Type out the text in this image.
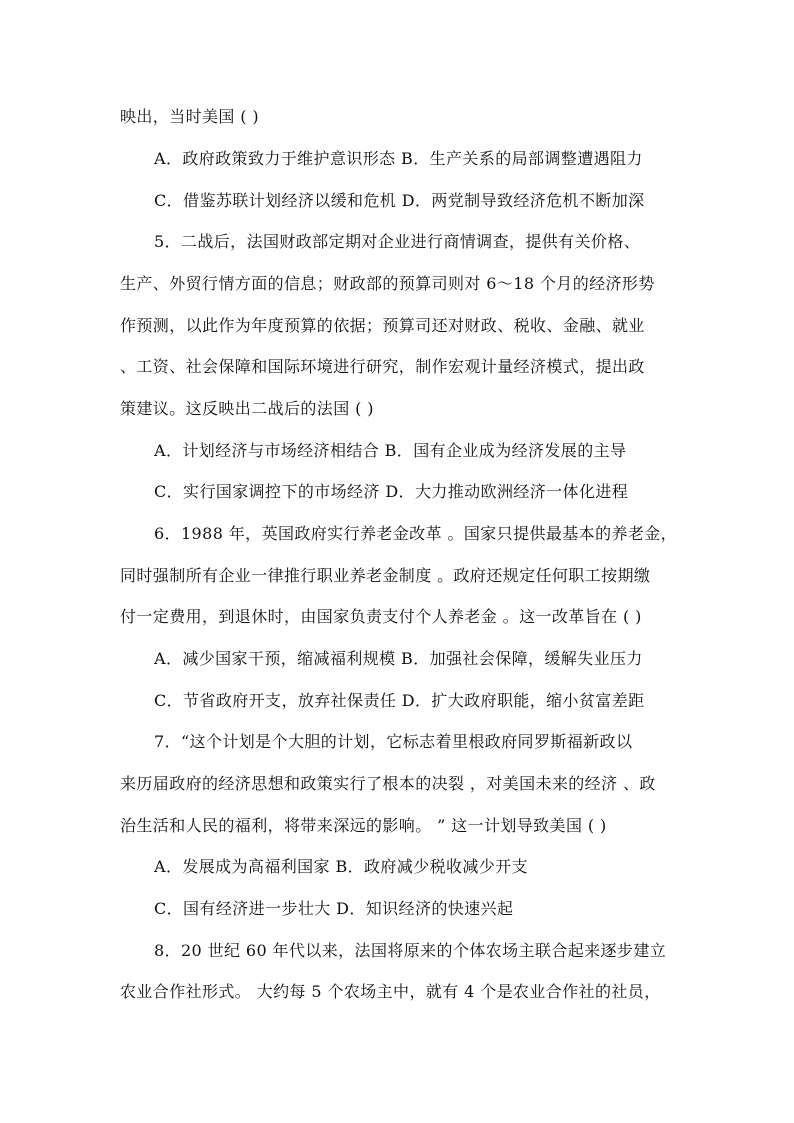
映出，当时美国 ( )
A．政府政策致力于维护意识形态 B．生产关系的局部调整遭遇阻力
C．借鉴苏联计划经济以缓和危机 D．两党制导致经济危机不断加深
5．二战后，法国财政部定期对企业进行商情调查，提供有关价格、
生产、外贸行情方面的信息；财政部的预算司则对 6～18 个月的经济形势
作预测，以此作为年度预算的依据；预算司还对财政、税收、金融、就业
、工资、社会保障和国际环境进行研究，制作宏观计量经济模式，提出政
策建议。这反映出二战后的法国 ( )
A．计划经济与市场经济相结合 B．国有企业成为经济发展的主导
C．实行国家调控下的市场经济 D．大力推动欧洲经济一体化进程
6．1988 年，英国政府实行养老金改革 。国家只提供最基本的养老金，
同时强制所有企业一律推行职业养老金制度 。政府还规定任何职工按期缴
付一定费用，到退休时，由国家负责支付个人养老金 。这一改革旨在 ( )
A．减少国家干预，缩减福利规模 B．加强社会保障，缓解失业压力
C．节省政府开支，放弃社保责任 D．扩大政府职能，缩小贫富差距
7．“这个计划是个大胆的计划，它标志着里根政府同罗斯福新政以
来历届政府的经济思想和政策实行了根本的决裂 ，对美国未来的经济 、政
治生活和人民的福利，将带来深远的影响。 ” 这一计划导致美国 ( )
A．发展成为高福利国家 B．政府减少税收减少开支
C．国有经济进一步壮大 D．知识经济的快速兴起
8．20 世纪 60 年代以来，法国将原来的个体农场主联合起来逐步建立
农业合作社形式。 大约每 5 个农场主中，就有 4 个是农业合作社的社员，
